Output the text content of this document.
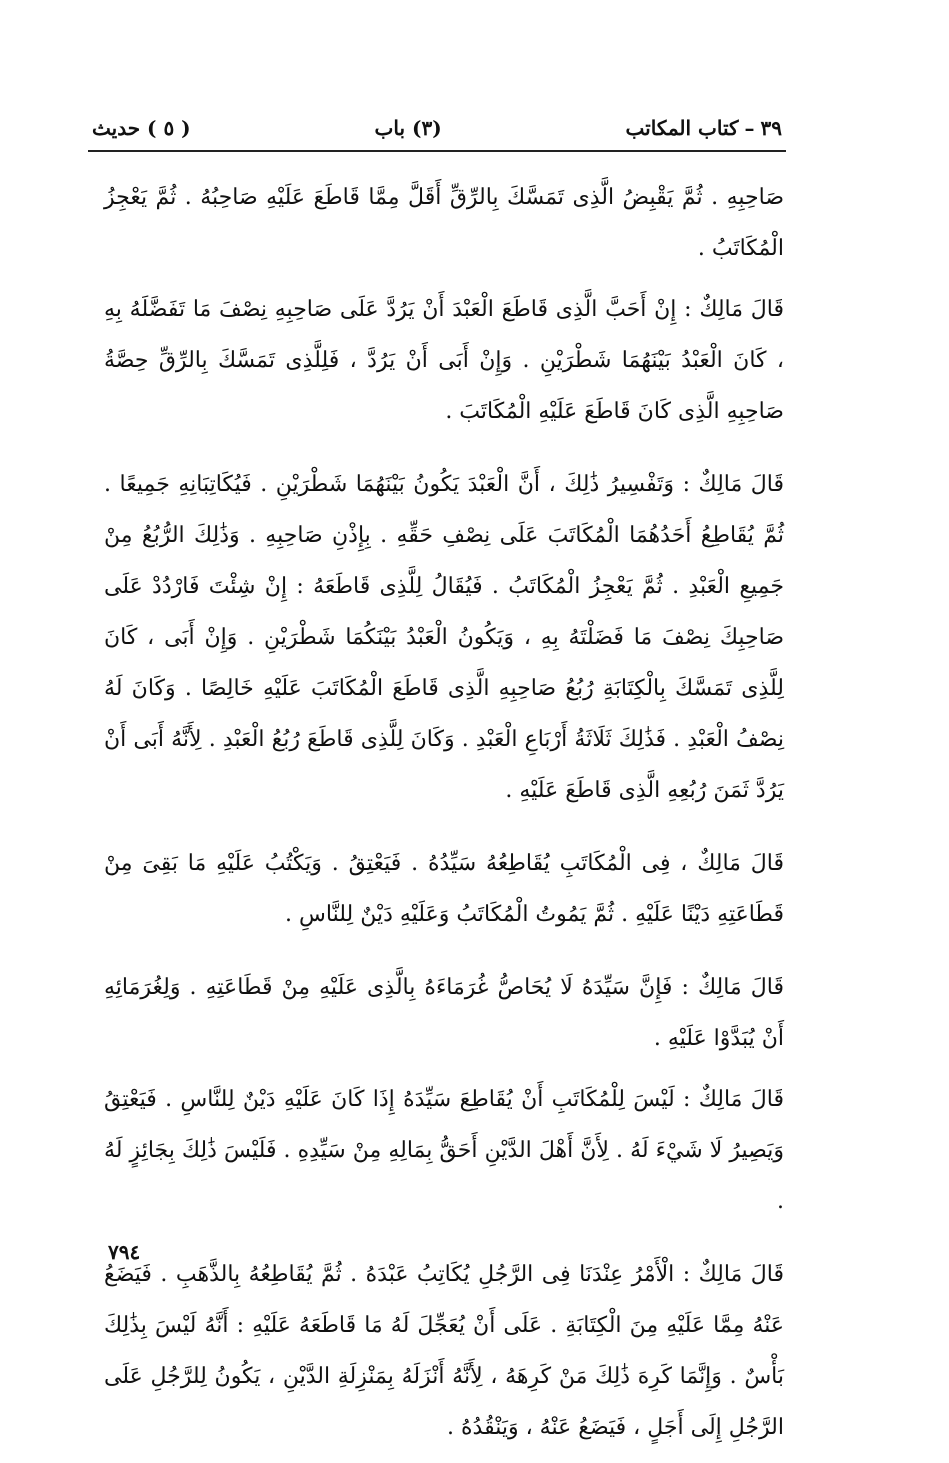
٣٩
–
كتاب المكاتب
(٣) باب
( ٥ ) حديث

صَاحِبِهِ . ثُمَّ يَقْبِضُ الَّذِى تَمَسَّكَ بِالرِّقِّ أَقَلَّ مِمَّا قَاطَعَ عَلَيْهِ صَاحِبُهُ . ثُمَّ يَعْجِزُ الْمُكَاتَبُ .

قَالَ مَالِكٌ : إِنْ أَحَبَّ الَّذِى قَاطَعَ الْعَبْدَ أَنْ يَرُدَّ عَلَى صَاحِبِهِ نِصْفَ مَا تَفَضَّلَهُ بِهِ ، كَانَ الْعَبْدُ بَيْنَهُمَا شَطْرَيْنِ . وَإِنْ أَبَى أَنْ يَرُدَّ ، فَلِلَّذِى تَمَسَّكَ بِالرِّقِّ حِصَّةُ صَاحِبِهِ الَّذِى كَانَ قَاطَعَ عَلَيْهِ الْمُكَاتَبَ .

قَالَ مَالِكٌ : وَتَفْسِيرُ ذَٰلِكَ ، أَنَّ الْعَبْدَ يَكُونُ بَيْنَهُمَا شَطْرَيْنِ . فَيُكَاتِبَانِهِ جَمِيعًا . ثُمَّ يُقَاطِعُ أَحَدُهُمَا الْمُكَاتَبَ عَلَى نِصْفِ حَقِّهِ . بِإِذْنِ صَاحِبِهِ . وَذَٰلِكَ الرُّبُعُ مِنْ جَمِيعِ الْعَبْدِ . ثُمَّ يَعْجِزُ الْمُكَاتَبُ . فَيُقَالُ لِلَّذِى قَاطَعَهُ : إِنْ شِئْتَ فَارْدُدْ عَلَى صَاحِبِكَ نِصْفَ مَا فَضَلْتَهُ بِهِ ، وَيَكُونُ الْعَبْدُ بَيْنَكُمَا شَطْرَيْنِ . وَإِنْ أَبَى ، كَانَ لِلَّذِى تَمَسَّكَ بِالْكِتَابَةِ رُبُعُ صَاحِبِهِ الَّذِى قَاطَعَ الْمُكَاتَبَ عَلَيْهِ خَالِصًا . وَكَانَ لَهُ نِصْفُ الْعَبْدِ . فَذَٰلِكَ ثَلَاثَةُ أَرْبَاعِ الْعَبْدِ . وَكَانَ لِلَّذِى قَاطَعَ رُبُعُ الْعَبْدِ . لِأَنَّهُ أَبَى أَنْ يَرُدَّ ثَمَنَ رُبُعِهِ الَّذِى قَاطَعَ عَلَيْهِ .

قَالَ مَالِكٌ ، فِى الْمُكَاتَبِ يُقَاطِعُهُ سَيِّدُهُ . فَيَعْتِقُ . وَيَكْتُبُ عَلَيْهِ مَا بَقِىَ مِنْ قَطَاعَتِهِ دَيْنًا عَلَيْهِ . ثُمَّ يَمُوتُ الْمُكَاتَبُ وَعَلَيْهِ دَيْنٌ لِلنَّاسِ .

قَالَ مَالِكٌ : فَإِنَّ سَيِّدَهُ لَا يُحَاصُّ غُرَمَاءَهُ بِالَّذِى عَلَيْهِ مِنْ قَطَاعَتِهِ . وَلِغُرَمَائِهِ أَنْ يُبَدَّوْا عَلَيْهِ .

قَالَ مَالِكٌ : لَيْسَ لِلْمُكَاتَبِ أَنْ يُقَاطِعَ سَيِّدَهُ إِذَا كَانَ عَلَيْهِ دَيْنٌ لِلنَّاسِ . فَيَعْتِقُ وَيَصِيرُ لَا شَيْءَ لَهُ . لِأَنَّ أَهْلَ الدَّيْنِ أَحَقُّ بِمَالِهِ مِنْ سَيِّدِهِ . فَلَيْسَ ذَٰلِكَ بِجَائِزٍ لَهُ .

قَالَ مَالِكٌ : الْأَمْرُ عِنْدَنَا فِى الرَّجُلِ يُكَاتِبُ عَبْدَهُ . ثُمَّ يُقَاطِعُهُ بِالذَّهَبِ . فَيَضَعُ عَنْهُ مِمَّا عَلَيْهِ مِنَ الْكِتَابَةِ . عَلَى أَنْ يُعَجِّلَ لَهُ مَا قَاطَعَهُ عَلَيْهِ : أَنَّهُ لَيْسَ بِذَٰلِكَ بَأْسٌ . وَإِنَّمَا كَرِهَ ذَٰلِكَ مَنْ كَرِهَهُ ، لِأَنَّهُ أَنْزَلَهُ بِمَنْزِلَةِ الدَّيْنِ ، يَكُونُ لِلرَّجُلِ عَلَى الرَّجُلِ إِلَى أَجَلٍ ، فَيَضَعُ عَنْهُ ، وَيَنْقُدُهُ .

٧٩٤
